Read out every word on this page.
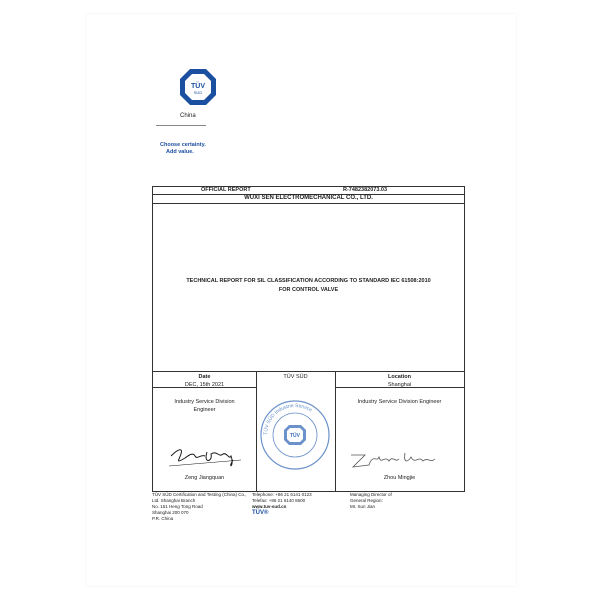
TÜV
SÜD
China
Choose certainty.
Add value.
OFFICIAL REPORT	R-7482382073.03
WUXI SEN ELECTROMECHANICAL CO., LTD.
TECHNICAL REPORT FOR SIL CLASSIFICATION ACCORDING TO STANDARD IEC 61508:2010
FOR CONTROL VALVE
Date
DEC, 15th 2021
TÜV SÜD	Location
Shanghai
Industry Service Division
Engineer
Industry Service Division Engineer
Zeng Jiangquan
TÜV
TÜV SÜD Industrie Service
Zhou Mingjie
TÜV SÜD Certification and Testing (China) Co.,
Ltd. Shanghai Branch
No. 151 Heng Tong Road
Shanghai 200 070
P.R. China
Telephone: +86 21 6141 0123
Telefax: +86 21 6140 8600
www.tuv-sud.cn
TÜV®
Managing Director of
General Region:
Mr. Sun Jian
